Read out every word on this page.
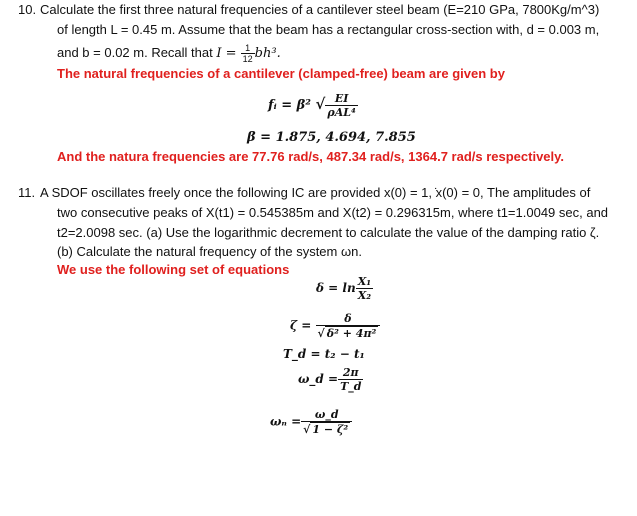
10. Calculate the first three natural frequencies of a cantilever steel beam (E=210 GPa, 7800Kg/m^3)
of length L = 0.45 m. Assume that the beam has a rectangular cross-section with, d = 0.003 m,
and b = 0.02 m. Recall that $I = \frac{1}{12} bh^3$.
The natural frequencies of a cantilever (clamped-free) beam are given by
fᵢ = β² √ $\frac{EI}{\text{ρAL⁴}}$
β = 1.875, 4.694, 7.855
And the natura frequencies are 77.76 rad/s, 487.34 rad/s, 1364.7 rad/s respectively.
11. A SDOF oscillates freely once the following IC are provided x(0) = 1, ̇x(0) = 0, The amplitudes of
two consecutive peaks of X(t1) = 0.545385m and X(t2) = 0.296315m, where t1=1.0049 sec, and
t2=2.0098 sec. (a) Use the logarithmic decrement to calculate the value of the damping ratio ζ.
(b) Calculate the natural frequency of the system ωn.
We use the following set of equations
$\delta = \ln \frac{\text{X₁}}{\text{X₂}}$
$\zeta = \frac{\delta}{\text{√ δ² + 4π²}}$
T_d = t₂ − t₁
ω_d = $\frac{2\pi}{T\_d}$
$\omega_n = \frac{\omega\_d}{\text{√ 1 − ζ²}}$
